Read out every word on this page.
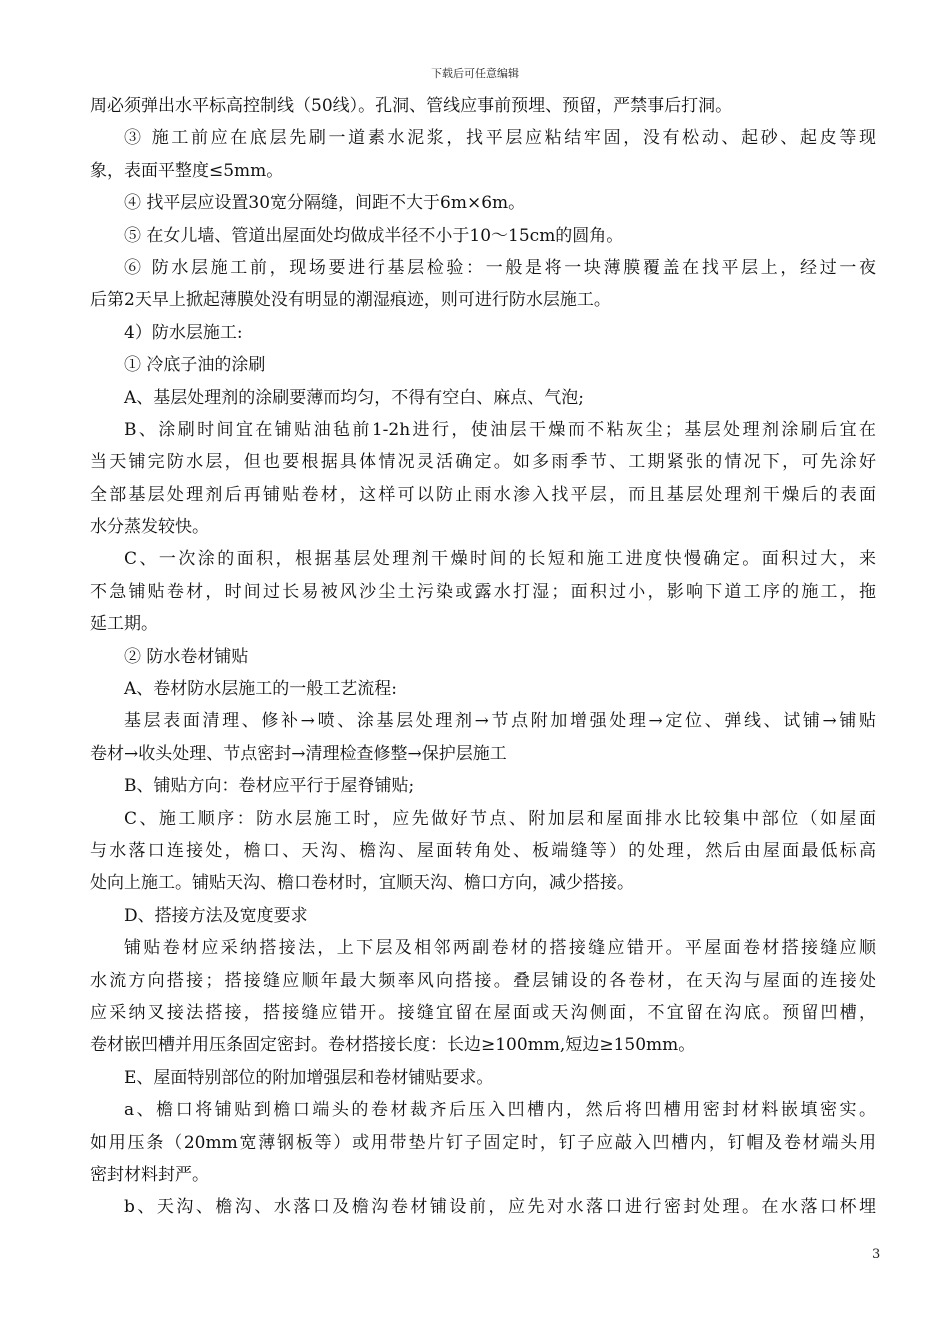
下载后可任意编辑
周必须弹出水平标高控制线（50线）。孔洞、管线应事前预埋、预留，严禁事后打洞。
③ 施工前应在底层先刷一道素水泥浆，找平层应粘结牢固，没有松动、起砂、起皮等现
象，表面平整度≤5mm。
④ 找平层应设置30宽分隔缝，间距不大于6m×6m。
⑤ 在女儿墙、管道出屋面处均做成半径不小于10～15cm的圆角。
⑥ 防水层施工前，现场要进行基层检验：一般是将一块薄膜覆盖在找平层上，经过一夜
后第2天早上掀起薄膜处没有明显的潮湿痕迹，则可进行防水层施工。
4）防水层施工:
① 冷底子油的涂刷
A、基层处理剂的涂刷要薄而均匀，不得有空白、麻点、气泡;
B、涂刷时间宜在铺贴油毡前1-2h进行，使油层干燥而不粘灰尘；基层处理剂涂刷后宜在
当天铺完防水层，但也要根据具体情况灵活确定。如多雨季节、工期紧张的情况下，可先涂好
全部基层处理剂后再铺贴卷材，这样可以防止雨水渗入找平层，而且基层处理剂干燥后的表面
水分蒸发较快。
C、一次涂的面积，根据基层处理剂干燥时间的长短和施工进度快慢确定。面积过大，来
不急铺贴卷材，时间过长易被风沙尘土污染或露水打湿；面积过小，影响下道工序的施工，拖
延工期。
② 防水卷材铺贴
A、卷材防水层施工的一般工艺流程:
基层表面清理、修补→喷、涂基层处理剂→节点附加增强处理→定位、弹线、试铺→铺贴
卷材→收头处理、节点密封→清理检查修整→保护层施工
B、铺贴方向：卷材应平行于屋脊铺贴;
C、施工顺序：防水层施工时，应先做好节点、附加层和屋面排水比较集中部位（如屋面
与水落口连接处，檐口、天沟、檐沟、屋面转角处、板端缝等）的处理，然后由屋面最低标高
处向上施工。铺贴天沟、檐口卷材时，宜顺天沟、檐口方向，减少搭接。
D、搭接方法及宽度要求
铺贴卷材应采纳搭接法，上下层及相邻两副卷材的搭接缝应错开。平屋面卷材搭接缝应顺
水流方向搭接；搭接缝应顺年最大频率风向搭接。叠层铺设的各卷材，在天沟与屋面的连接处
应采纳叉接法搭接，搭接缝应错开。接缝宜留在屋面或天沟侧面，不宜留在沟底。预留凹槽，
卷材嵌凹槽并用压条固定密封。卷材搭接长度：长边≥100mm,短边≥150mm。
E、屋面特别部位的附加增强层和卷材铺贴要求。
a、檐口将铺贴到檐口端头的卷材裁齐后压入凹槽内，然后将凹槽用密封材料嵌填密实。
如用压条（20mm宽薄钢板等）或用带垫片钉子固定时，钉子应敲入凹槽内，钉帽及卷材端头用
密封材料封严。
b、天沟、檐沟、水落口及檐沟卷材铺设前，应先对水落口进行密封处理。在水落口杯埋
3
